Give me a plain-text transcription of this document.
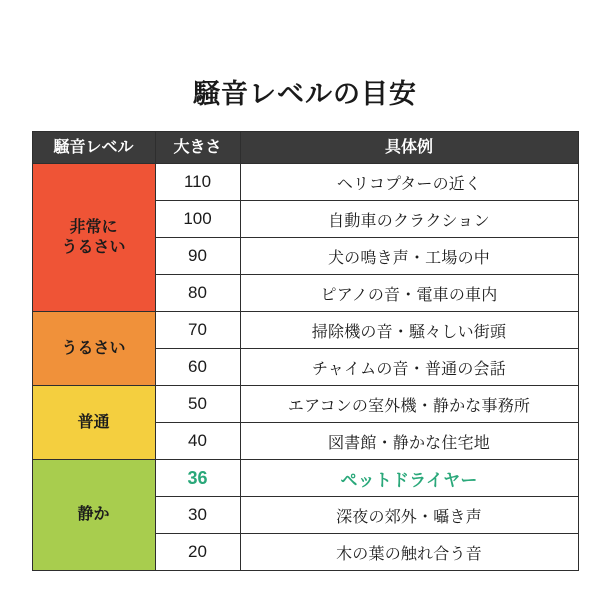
騒音レベルの目安
騒音レベル	大きさ	具体例
非常に
うるさい	110	ヘリコプターの近く
	100	自動車のクラクション
	90	犬の鳴き声・工場の中
	80	ピアノの音・電車の車内
うるさい	70	掃除機の音・騒々しい街頭
	60	チャイムの音・普通の会話
普通	50	エアコンの室外機・静かな事務所
	40	図書館・静かな住宅地
静か	36	ペットドライヤー
	30	深夜の郊外・囁き声
	20	木の葉の触れ合う音
